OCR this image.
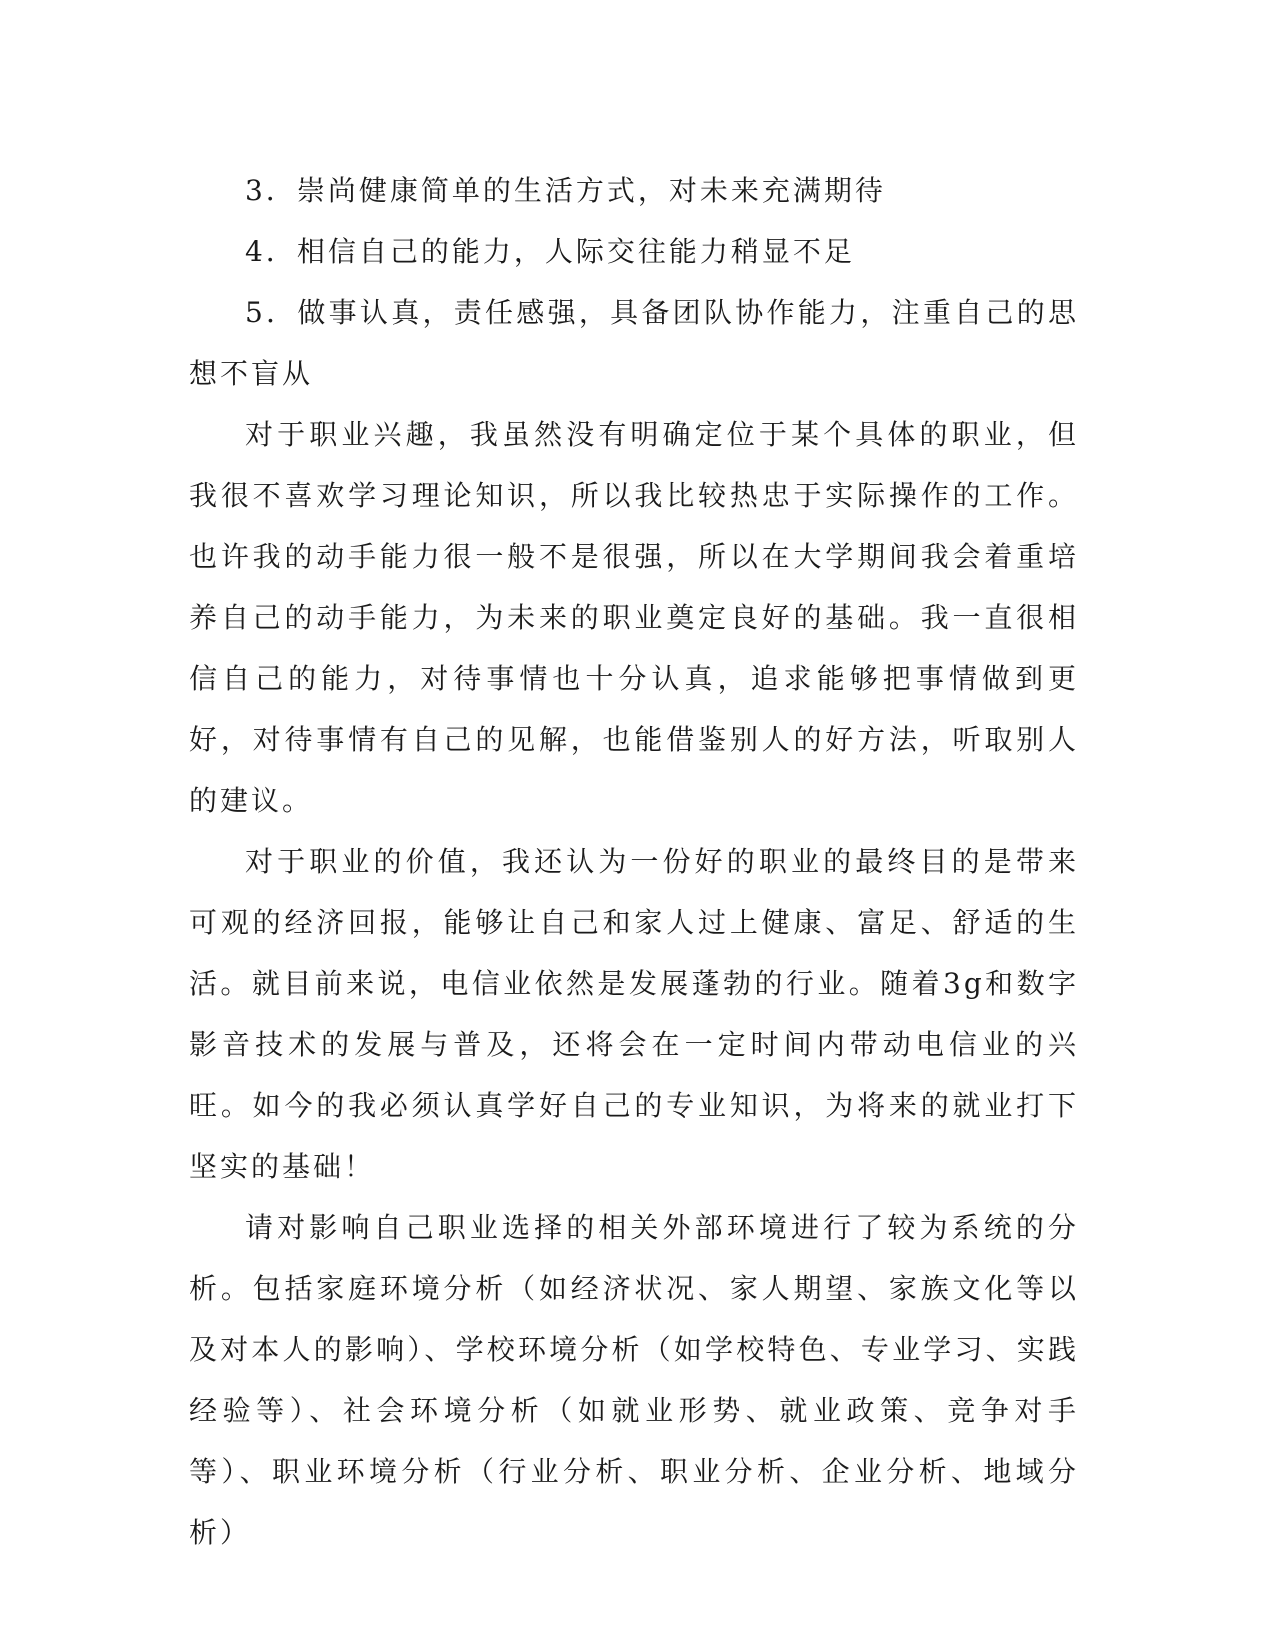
3．崇尚健康简单的生活方式，对未来充满期待

4．相信自己的能力，人际交往能力稍显不足

5．做事认真，责任感强，具备团队协作能力，注重自己的思想不盲从

对于职业兴趣，我虽然没有明确定位于某个具体的职业，但我很不喜欢学习理论知识，所以我比较热忠于实际操作的工作。也许我的动手能力很一般不是很强，所以在大学期间我会着重培养自己的动手能力，为未来的职业奠定良好的基础。我一直很相信自己的能力，对待事情也十分认真，追求能够把事情做到更好，对待事情有自己的见解，也能借鉴别人的好方法，听取别人的建议。

对于职业的价值，我还认为一份好的职业的最终目的是带来可观的经济回报，能够让自己和家人过上健康、富足、舒适的生活。就目前来说，电信业依然是发展蓬勃的行业。随着3g和数字影音技术的发展与普及，还将会在一定时间内带动电信业的兴旺。如今的我必须认真学好自己的专业知识，为将来的就业打下坚实的基础！

请对影响自己职业选择的相关外部环境进行了较为系统的分析。包括家庭环境分析（如经济状况、家人期望、家族文化等以及对本人的影响）、学校环境分析（如学校特色、专业学习、实践经验等）、社会环境分析（如就业形势、就业政策、竞争对手等）、职业环境分析（行业分析、职业分析、企业分析、地域分析）
